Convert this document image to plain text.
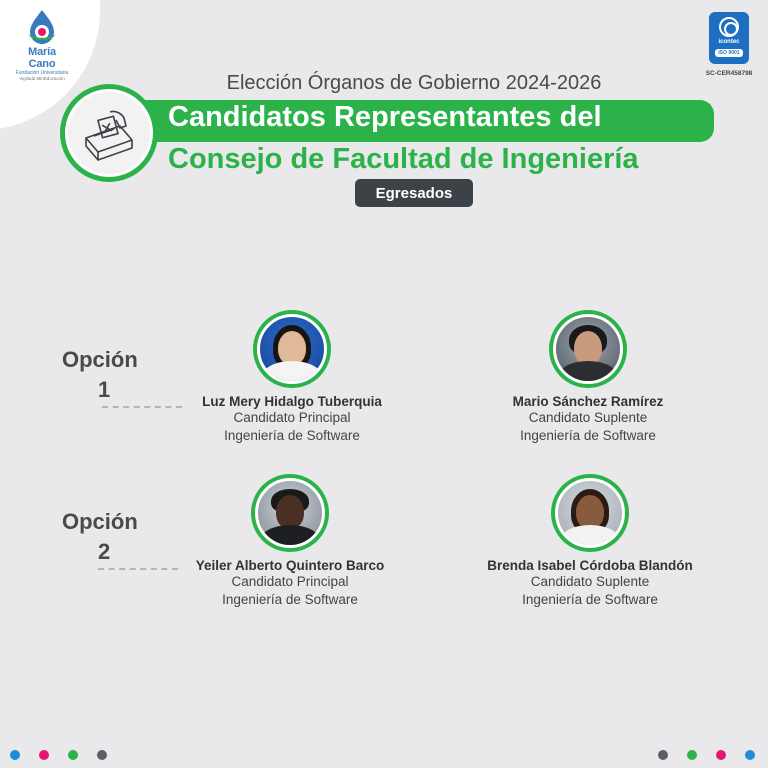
María Cano
Fundación Universitaria
Vigilada MinEducación
icontec
ISO 9001
SC-CER458798
Elección Órganos de Gobierno 2024-2026
Candidatos Representantes del
Consejo de Facultad de Ingeniería
Egresados
Opción
1	Luz Mery Hidalgo Tuberquia
Candidato Principal
Ingeniería de Software
Mario Sánchez Ramírez
Candidato Suplente
Ingeniería de Software
Opción
2
Yeiler Alberto Quintero Barco
Candidato Principal
Ingeniería de Software
Brenda Isabel Córdoba Blandón
Candidato Suplente
Ingeniería de Software
